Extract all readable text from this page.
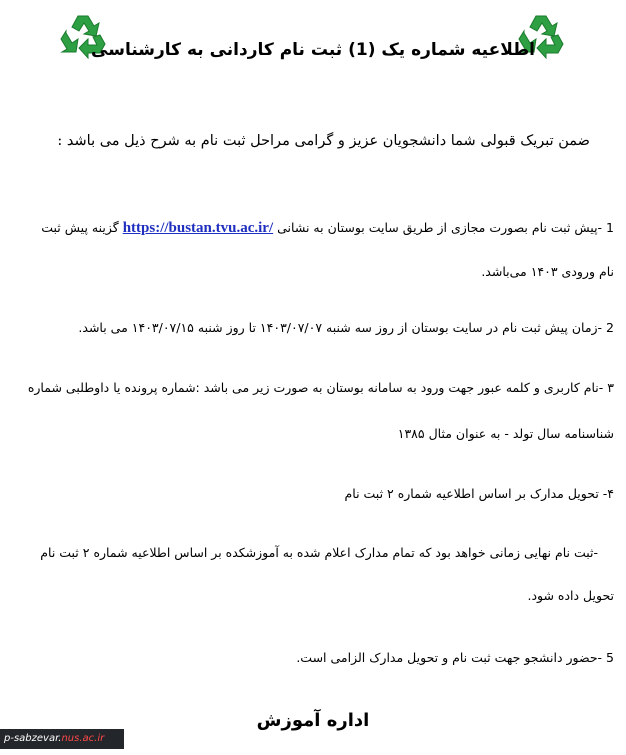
اطلاعیه شماره یک (1) ثبت نام کاردانی به کارشناسی
ضمن تبریک قبولی شما دانشجویان عزیز و گرامی مراحل ثبت نام به شرح ذیل می باشد :
1 -پیش ثبت نام بصورت مجازی از طریق سایت بوستان به نشانی https://bustan.tvu.ac.ir/ گزینه پیش ثبت
نام ورودی ۱۴۰۳ می‌باشد.
2 -زمان پیش ثبت نام در سایت بوستان از روز سه شنبه ۱۴۰۳/۰۷/۰۷ تا روز شنبه ۱۴۰۳/۰۷/۱۵ می باشد.
۳ -نام کاربری و کلمه عبور جهت ورود به سامانه بوستان به صورت زیر می باشد :شماره پرونده یا داوطلبی شماره
شناسنامه سال تولد - به عنوان مثال ۱۳۸۵
۴- تحویل مدارک بر اساس اطلاعیه شماره ۲ ثبت نام
-ثبت نام نهایی زمانی خواهد بود که تمام مدارک اعلام شده به آموزشکده بر اساس اطلاعیه شماره ۲ ثبت نام
تحویل داده شود.
5 -حضور دانشجو جهت ثبت نام و تحویل مدارک الزامی است.
اداره آموزش
p-sabzevar.nus.ac.ir
